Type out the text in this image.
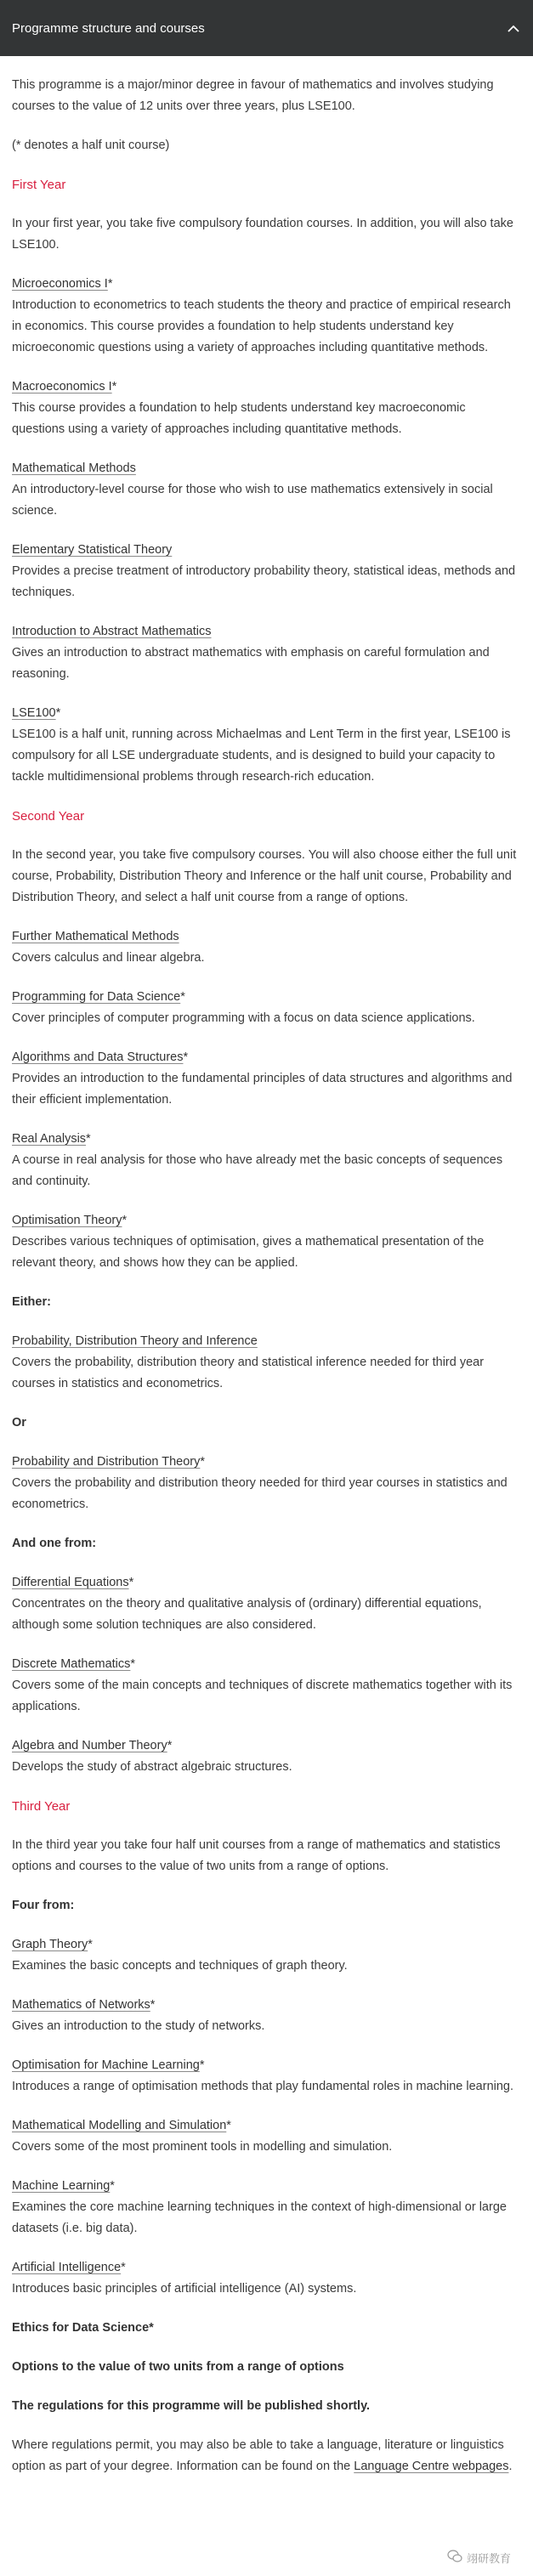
Programme structure and courses

This programme is a major/minor degree in favour of mathematics and involves studying courses to the value of 12 units over three years, plus LSE100.

(* denotes a half unit course)

First Year

In your first year, you take five compulsory foundation courses. In addition, you will also take LSE100.

Microeconomics I*
Introduction to econometrics to teach students the theory and practice of empirical research in economics. This course provides a foundation to help students understand key microeconomic questions using a variety of approaches including quantitative methods.
Macroeconomics I*
This course provides a foundation to help students understand key macroeconomic questions using a variety of approaches including quantitative methods.
Mathematical Methods
An introductory-level course for those who wish to use mathematics extensively in social science.
Elementary Statistical Theory
Provides a precise treatment of introductory probability theory, statistical ideas, methods and techniques.
Introduction to Abstract Mathematics
Gives an introduction to abstract mathematics with emphasis on careful formulation and reasoning.
LSE100*
LSE100 is a half unit, running across Michaelmas and Lent Term in the first year, LSE100 is compulsory for all LSE undergraduate students, and is designed to build your capacity to tackle multidimensional problems through research-rich education.

Second Year

In the second year, you take five compulsory courses. You will also choose either the full unit course, Probability, Distribution Theory and Inference or the half unit course, Probability and Distribution Theory, and select a half unit course from a range of options.

Further Mathematical Methods
Covers calculus and linear algebra.
Programming for Data Science*
Cover principles of computer programming with a focus on data science applications.
Algorithms and Data Structures*
Provides an introduction to the fundamental principles of data structures and algorithms and their efficient implementation.
Real Analysis*
A course in real analysis for those who have already met the basic concepts of sequences and continuity.
Optimisation Theory*
Describes various techniques of optimisation, gives a mathematical presentation of the relevant theory, and shows how they can be applied.

Either:

Probability, Distribution Theory and Inference
Covers the probability, distribution theory and statistical inference needed for third year courses in statistics and econometrics.

Or

Probability and Distribution Theory*
Covers the probability and distribution theory needed for third year courses in statistics and econometrics.

And one from:

Differential Equations*
Concentrates on the theory and qualitative analysis of (ordinary) differential equations, although some solution techniques are also considered.
Discrete Mathematics*
Covers some of the main concepts and techniques of discrete mathematics together with its applications.
Algebra and Number Theory*
Develops the study of abstract algebraic structures.

Third Year

In the third year you take four half unit courses from a range of mathematics and statistics options and courses to the value of two units from a range of options.

Four from:

Graph Theory*
Examines the basic concepts and techniques of graph theory.
Mathematics of Networks*
Gives an introduction to the study of networks.
Optimisation for Machine Learning*
Introduces a range of optimisation methods that play fundamental roles in machine learning.
Mathematical Modelling and Simulation*
Covers some of the most prominent tools in modelling and simulation.
Machine Learning*
Examines the core machine learning techniques in the context of high-dimensional or large datasets (i.e. big data).
Artificial Intelligence*
Introduces basic principles of artificial intelligence (AI) systems.

Ethics for Data Science*

Options to the value of two units from a range of options

The regulations for this programme will be published shortly.

Where regulations permit, you may also be able to take a language, literature or linguistics option as part of your degree. Information can be found on the Language Centre webpages.

翊研教育
